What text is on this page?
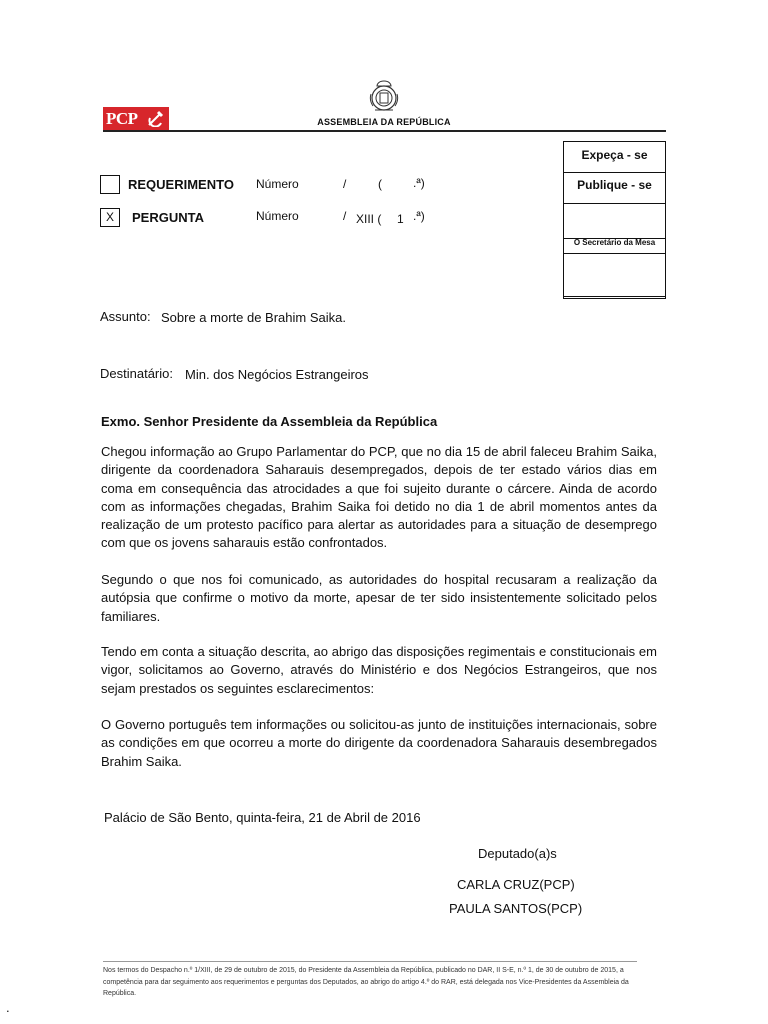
PCP	ASSEMBLEIA DA REPÚBLICA
Expeça - se
Publique - se
O Secretário da Mesa
REQUERIMENTO Número	/	(	.ª)
X	PERGUNTA	Número	/ XIII ( 1 .ª)
Assunto: Sobre a morte de Brahim Saika.
Destinatário: Min. dos Negócios Estrangeiros
Exmo. Senhor Presidente da Assembleia da República

Chegou informação ao Grupo Parlamentar do PCP, que no dia 15 de abril faleceu Brahim Saika, dirigente da coordenadora Saharauis desempregados, depois de ter estado vários dias em coma em consequência das atrocidades a que foi sujeito durante o cárcere. Ainda de acordo com as informações chegadas, Brahim Saika foi detido no dia 1 de abril momentos antes da realização de um protesto pacífico para alertar as autoridades para a situação de desemprego com que os jovens saharauis estão confrontados.

Segundo o que nos foi comunicado, as autoridades do hospital recusaram a realização da autópsia que confirme o motivo da morte, apesar de ter sido insistentemente solicitado pelos familiares.

Tendo em conta a situação descrita, ao abrigo das disposições regimentais e constitucionais em vigor, solicitamos ao Governo, através do Ministério e dos Negócios Estrangeiros, que nos sejam prestados os seguintes esclarecimentos:

O Governo português tem informações ou solicitou-as junto de instituições internacionais, sobre as condições em que ocorreu a morte do dirigente da coordenadora Saharauis desembregados Brahim Saika.

Palácio de São Bento, quinta-feira, 21 de Abril de 2016
Deputado(a)s
CARLA CRUZ(PCP)
PAULA SANTOS(PCP)
Nos termos do Despacho n.º 1/XIII, de 29 de outubro de 2015, do Presidente da Assembleia da República, publicado no DAR, II S-E, n.º 1, de 30 de outubro de 2015, a competência para dar seguimento aos requerimentos e perguntas dos Deputados, ao abrigo do artigo 4.º do RAR, está delegada nos Vice-Presidentes da Assembleia da República.
.
